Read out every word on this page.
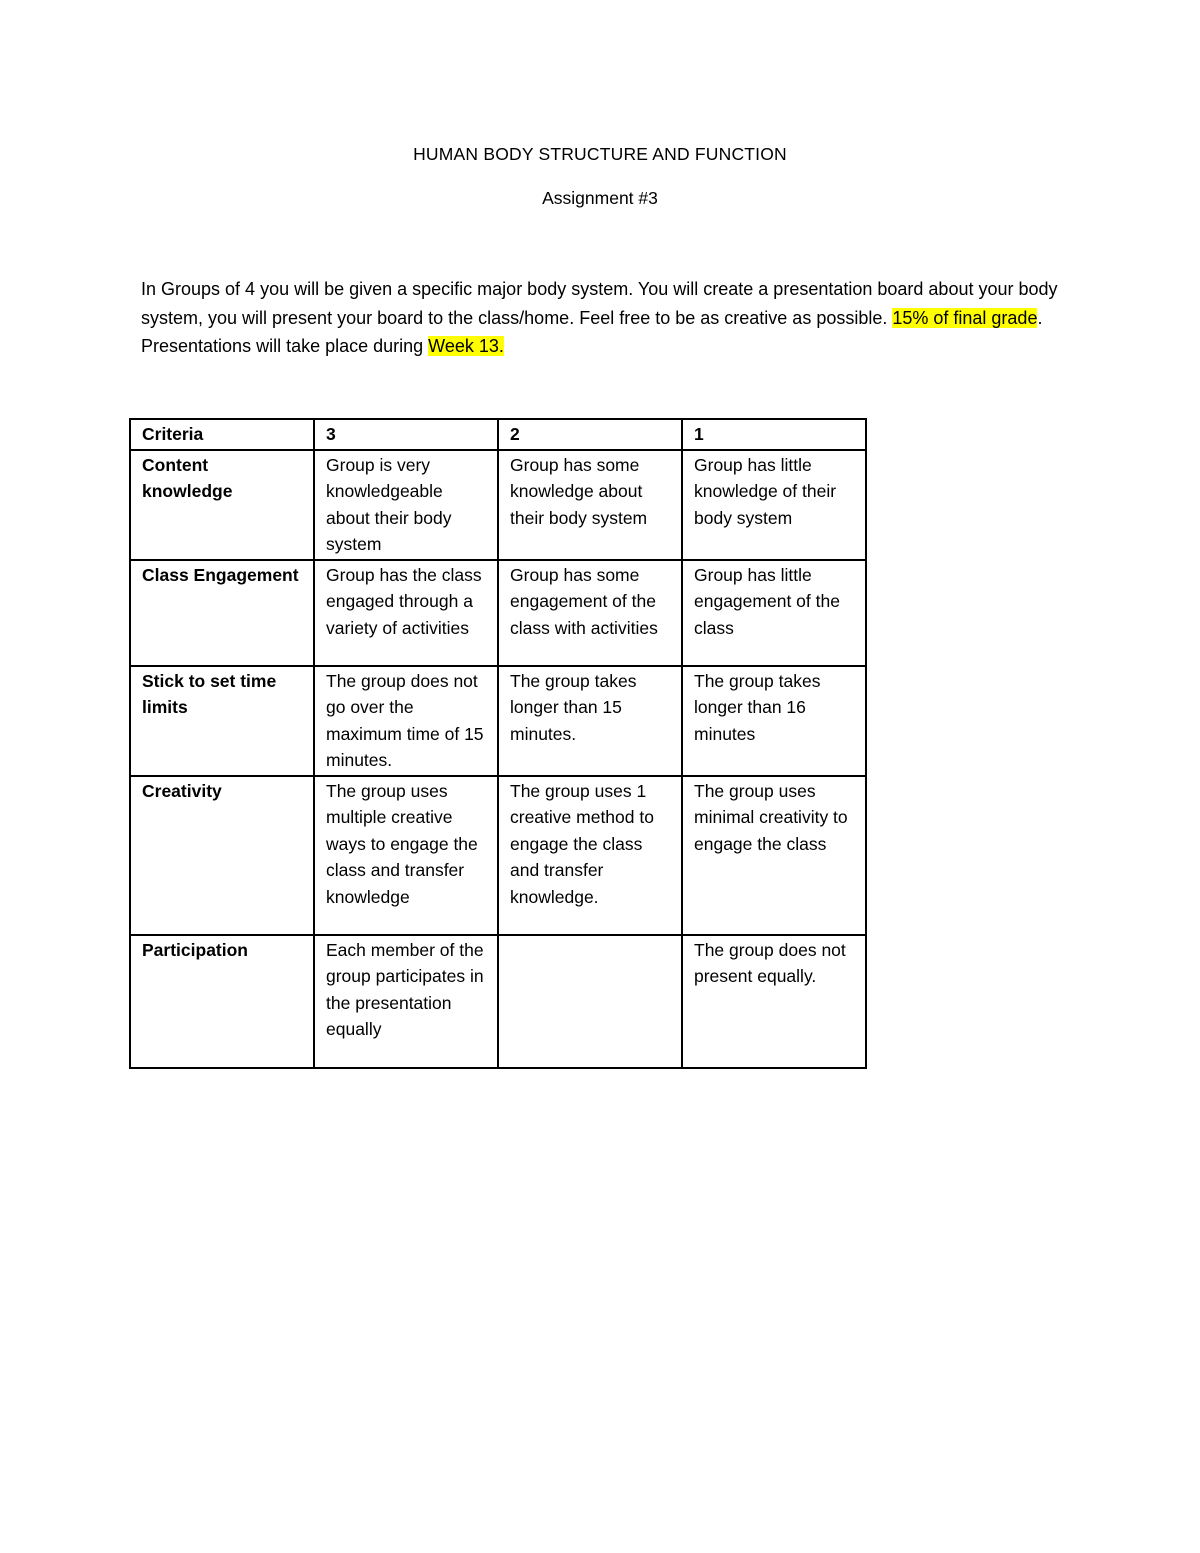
HUMAN BODY STRUCTURE AND FUNCTION
Assignment #3
In Groups of 4 you will be given a specific major body system. You will create a presentation board about your body system, you will present your board to the class/home. Feel free to be as creative as possible. 15% of final grade. Presentations will take place during Week 13.
Criteria	3	2	1
Content knowledge	Group is very knowledgeable about their body system	Group has some knowledge about their body system	Group has little knowledge of their body system
Class Engagement	Group has the class engaged through a variety of activities	Group has some engagement of the class with activities	Group has little engagement of the class
Stick to set time limits	The group does not go over the maximum time of 15 minutes.	The group takes longer than 15 minutes.	The group takes longer than 16 minutes
Creativity	The group uses multiple creative ways to engage the class and transfer knowledge	The group uses 1 creative method to engage the class and transfer knowledge.	The group uses minimal creativity to engage the class
Participation	Each member of the group participates in the presentation equally		The group does not present equally.
